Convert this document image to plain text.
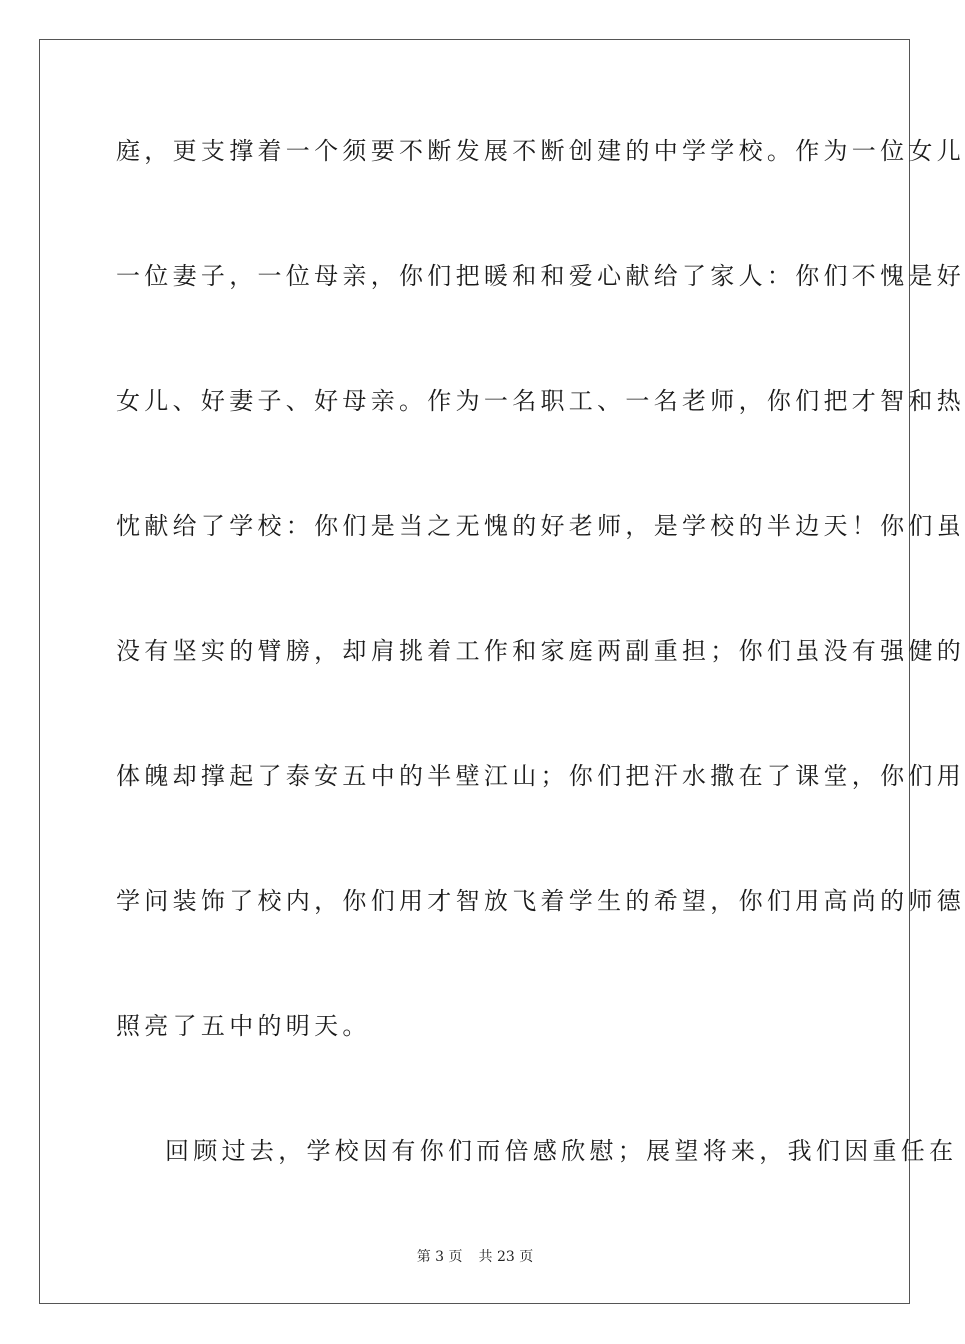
庭，更支撑着一个须要不断发展不断创建的中学学校。作为一位女儿
一位妻子，一位母亲，你们把暖和和爱心献给了家人：你们不愧是好
女儿、好妻子、好母亲。作为一名职工、一名老师，你们把才智和热
忱献给了学校：你们是当之无愧的好老师，是学校的半边天！你们虽
没有坚实的臂膀，却肩挑着工作和家庭两副重担；你们虽没有强健的
体魄却撑起了泰安五中的半壁江山；你们把汗水撒在了课堂，你们用
学问装饰了校内，你们用才智放飞着学生的希望，你们用高尚的师德
照亮了五中的明天。
回顾过去，学校因有你们而倍感欣慰；展望将来，我们因重任在
第 3 页 共 23 页
